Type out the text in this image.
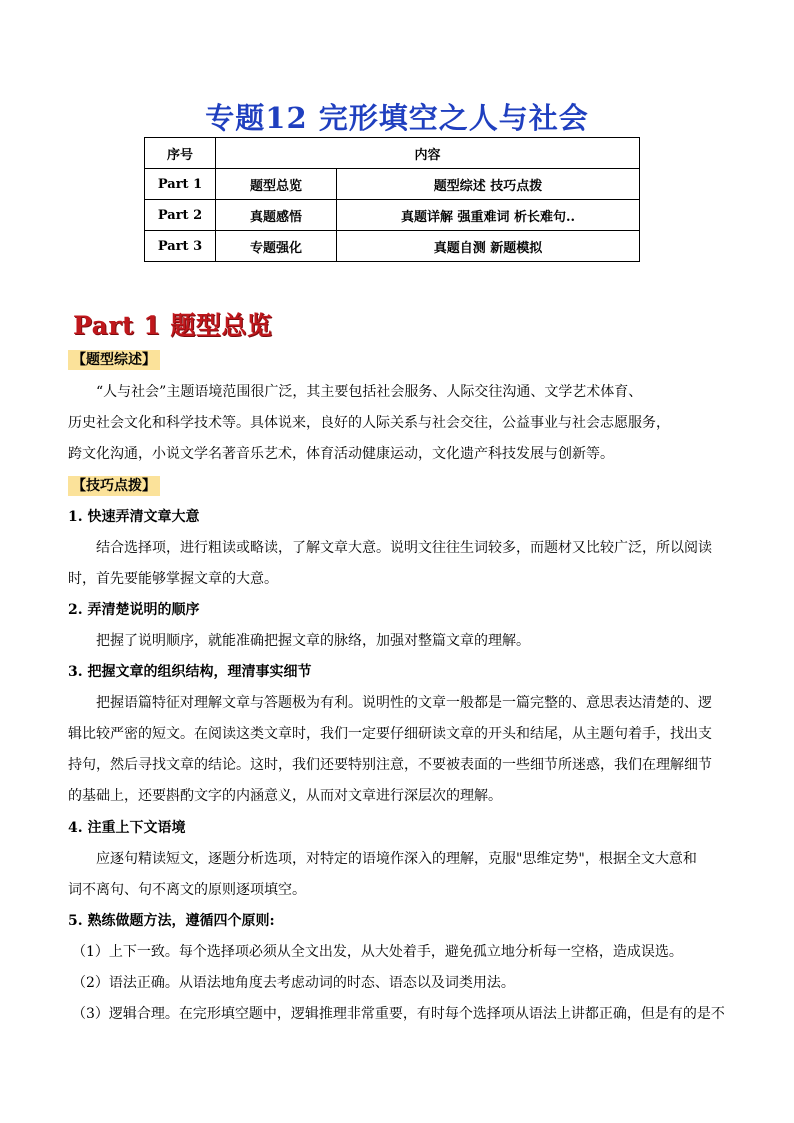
专题12 完形填空之人与社会
序号	内容	
Part 1	题型总览	题型综述 技巧点拨
Part 2	真题感悟	真题详解 强重难词 析长难句..
Part 3	专题强化	真题自测 新题模拟
Part 1 题型总览
【题型综述】
“人与社会”主题语境范围很广泛，其主要包括社会服务、人际交往沟通、文学艺术体育、
历史社会文化和科学技术等。具体说来，良好的人际关系与社会交往，公益事业与社会志愿服务，
跨文化沟通，小说文学名著音乐艺术，体育活动健康运动，文化遗产科技发展与创新等。
【技巧点拨】
1. 快速弄清文章大意
结合选择项，进行粗读或略读，了解文章大意。说明文往往生词较多，而题材又比较广泛，所以阅读
时，首先要能够掌握文章的大意。
2. 弄清楚说明的顺序
把握了说明顺序，就能准确把握文章的脉络，加强对整篇文章的理解。
3. 把握文章的组织结构，理清事实细节
把握语篇特征对理解文章与答题极为有利。说明性的文章一般都是一篇完整的、意思表达清楚的、逻
辑比较严密的短文。在阅读这类文章时，我们一定要仔细研读文章的开头和结尾，从主题句着手，找出支
持句，然后寻找文章的结论。这时，我们还要特别注意，不要被表面的一些细节所迷惑，我们在理解细节
的基础上，还要斟酌文字的内涵意义，从而对文章进行深层次的理解。
4. 注重上下文语境
应逐句精读短文，逐题分析选项，对特定的语境作深入的理解，克服"思维定势"，根据全文大意和
词不离句、句不离文的原则逐项填空。
5. 熟练做题方法，遵循四个原则:
（1）上下一致。每个选择项必须从全文出发，从大处着手，避免孤立地分析每一空格，造成误选。
（2）语法正确。从语法地角度去考虑动词的时态、语态以及词类用法。
（3）逻辑合理。在完形填空题中，逻辑推理非常重要，有时每个选择项从语法上讲都正确，但是有的是不
